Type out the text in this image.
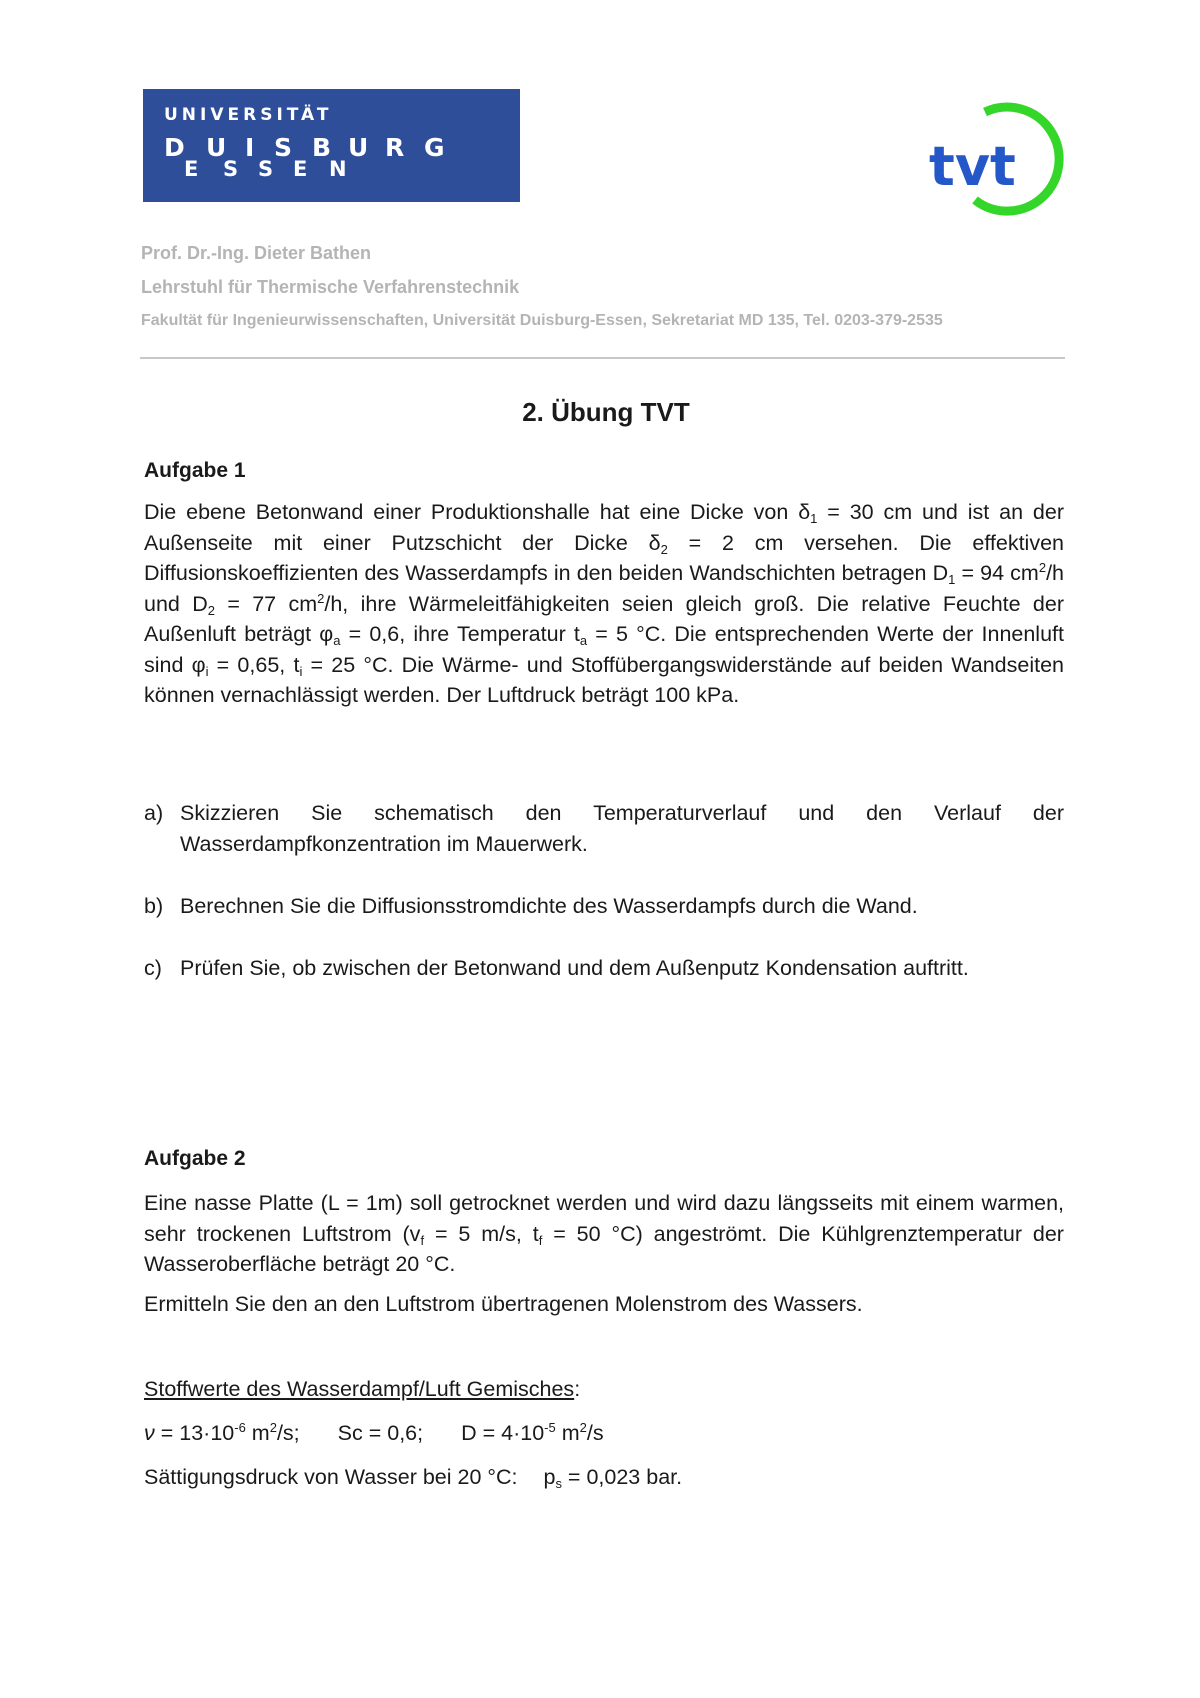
UNIVERSITÄT
D U I S B U R G
E S S E N	tvt
Prof. Dr.-Ing. Dieter Bathen
Lehrstuhl für Thermische Verfahrenstechnik
Fakultät für Ingenieurwissenschaften, Universität Duisburg-Essen, Sekretariat MD 135, Tel. 0203-379-2535
2. Übung TVT
Aufgabe 1
Die ebene Betonwand einer Produktionshalle hat eine Dicke von $\delta_1 = 30$ cm und ist an der Außenseite mit einer Putzschicht der Dicke $\delta_2 = 2$ cm versehen. Die effektiven Diffusionskoeffizienten des Wasserdampfs in den beiden Wandschichten betragen $D_1 = 94$ $cm^2/h$ und $D_2 = 77$ $cm^2/h$, ihre Wärmeleitfähigkeiten seien gleich groß. Die relative Feuchte der Außenluft beträgt $\varphi_a = 0,6$, ihre Temperatur $t_a = 5$ °C. Die entsprechenden Werte der Innenluft sind $\varphi_i = 0,65$, $t_i = 25$ °C. Die Wärme- und Stoffübergangswiderstände auf beiden Wandseiten können vernachlässigt werden. Der Luftdruck beträgt 100 kPa.
a) Skizzieren Sie schematisch den Temperaturverlauf und den Verlauf der Wasserdampfkonzentration im Mauerwerk.
b) Berechnen Sie die Diffusionsstromdichte des Wasserdampfs durch die Wand.
c) Prüfen Sie, ob zwischen der Betonwand und dem Außenputz Kondensation auftritt.
Aufgabe 2
Eine nasse Platte (L = 1m) soll getrocknet werden und wird dazu längsseits mit einem warmen, sehr trockenen Luftstrom ($v_f = 5$ m/s, $t_f = 50$ °C) angeströmt. Die Kühlgrenztemperatur der Wasseroberfläche beträgt 20 °C.
Ermitteln Sie den an den Luftstrom übertragenen Molenstrom des Wassers.
Stoffwerte des Wasserdampf/Luft Gemisches:
$\nu = 13\cdot 10^{-6}$ $m^2/s$; Sc = 0,6; $D = 4\cdot 10^{-5}$ $m^2/s$
Sättigungsdruck von Wasser bei 20 °C: $p_s = 0,023$ bar.
